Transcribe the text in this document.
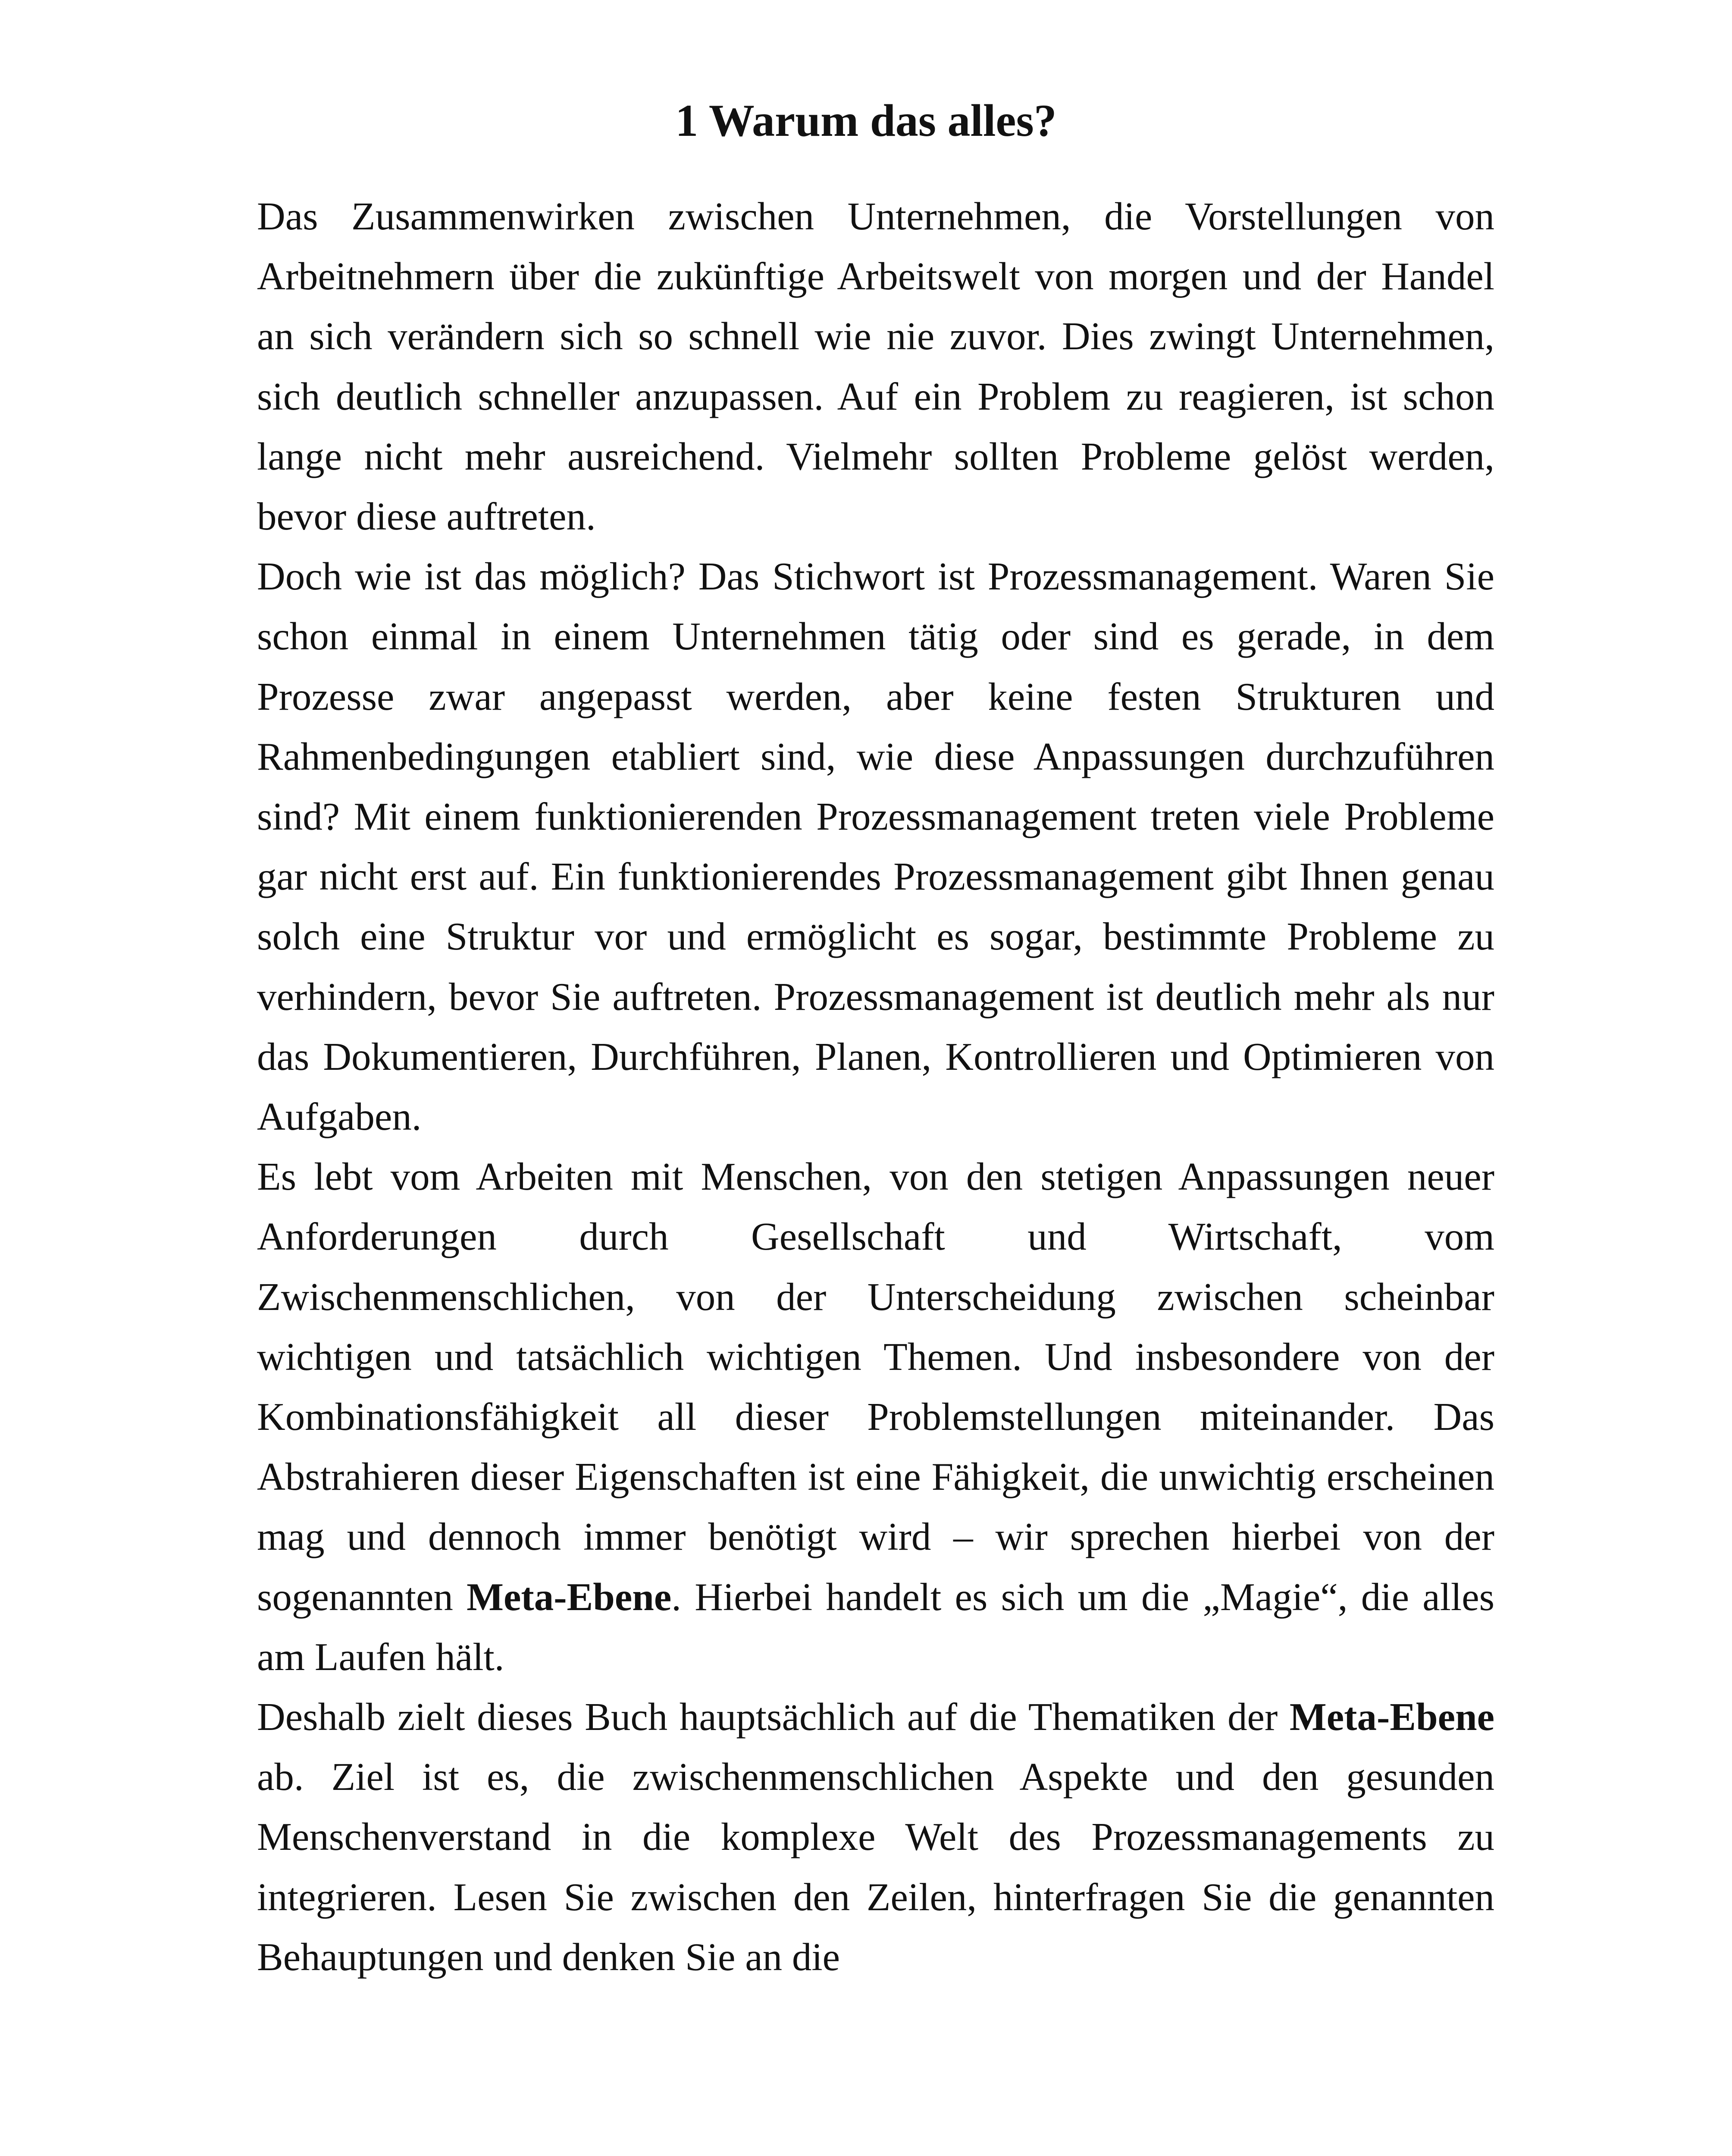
1 Warum das alles?

Das Zusammenwirken zwischen Unternehmen, die Vorstellungen von Arbeitnehmern über die zukünftige Arbeitswelt von morgen und der Handel an sich verändern sich so schnell wie nie zuvor. Dies zwingt Unternehmen, sich deutlich schneller anzupassen. Auf ein Problem zu reagieren, ist schon lange nicht mehr ausreichend. Vielmehr sollten Probleme gelöst werden, bevor diese auftreten.

Doch wie ist das möglich? Das Stichwort ist Prozessmanagement. Waren Sie schon einmal in einem Unternehmen tätig oder sind es gerade, in dem Prozesse zwar angepasst werden, aber keine festen Strukturen und Rahmenbedingungen etabliert sind, wie diese Anpassungen durchzuführen sind? Mit einem funktionierenden Prozessmanagement treten viele Probleme gar nicht erst auf. Ein funktionierendes Prozessmanagement gibt Ihnen genau solch eine Struktur vor und ermöglicht es sogar, bestimmte Probleme zu verhindern, bevor Sie auftreten. Prozessmanagement ist deutlich mehr als nur das Dokumentieren, Durchführen, Planen, Kontrollieren und Optimieren von Aufgaben.

Es lebt vom Arbeiten mit Menschen, von den stetigen Anpassungen neuer Anforderungen durch Gesellschaft und Wirtschaft, vom Zwischenmenschlichen, von der Unterscheidung zwischen scheinbar wichtigen und tatsächlich wichtigen Themen. Und insbesondere von der Kombinationsfähigkeit all dieser Problemstellungen miteinander. Das Abstrahieren dieser Eigenschaften ist eine Fähigkeit, die unwichtig erscheinen mag und dennoch immer benötigt wird – wir sprechen hierbei von der sogenannten Meta-Ebene. Hierbei handelt es sich um die „Magie“, die alles am Laufen hält.

Deshalb zielt dieses Buch hauptsächlich auf die Thematiken der Meta-Ebene ab. Ziel ist es, die zwischenmenschlichen Aspekte und den gesunden Menschenverstand in die komplexe Welt des Prozessmanagements zu integrieren. Lesen Sie zwischen den Zeilen, hinterfragen Sie die genannten Behauptungen und denken Sie an die
